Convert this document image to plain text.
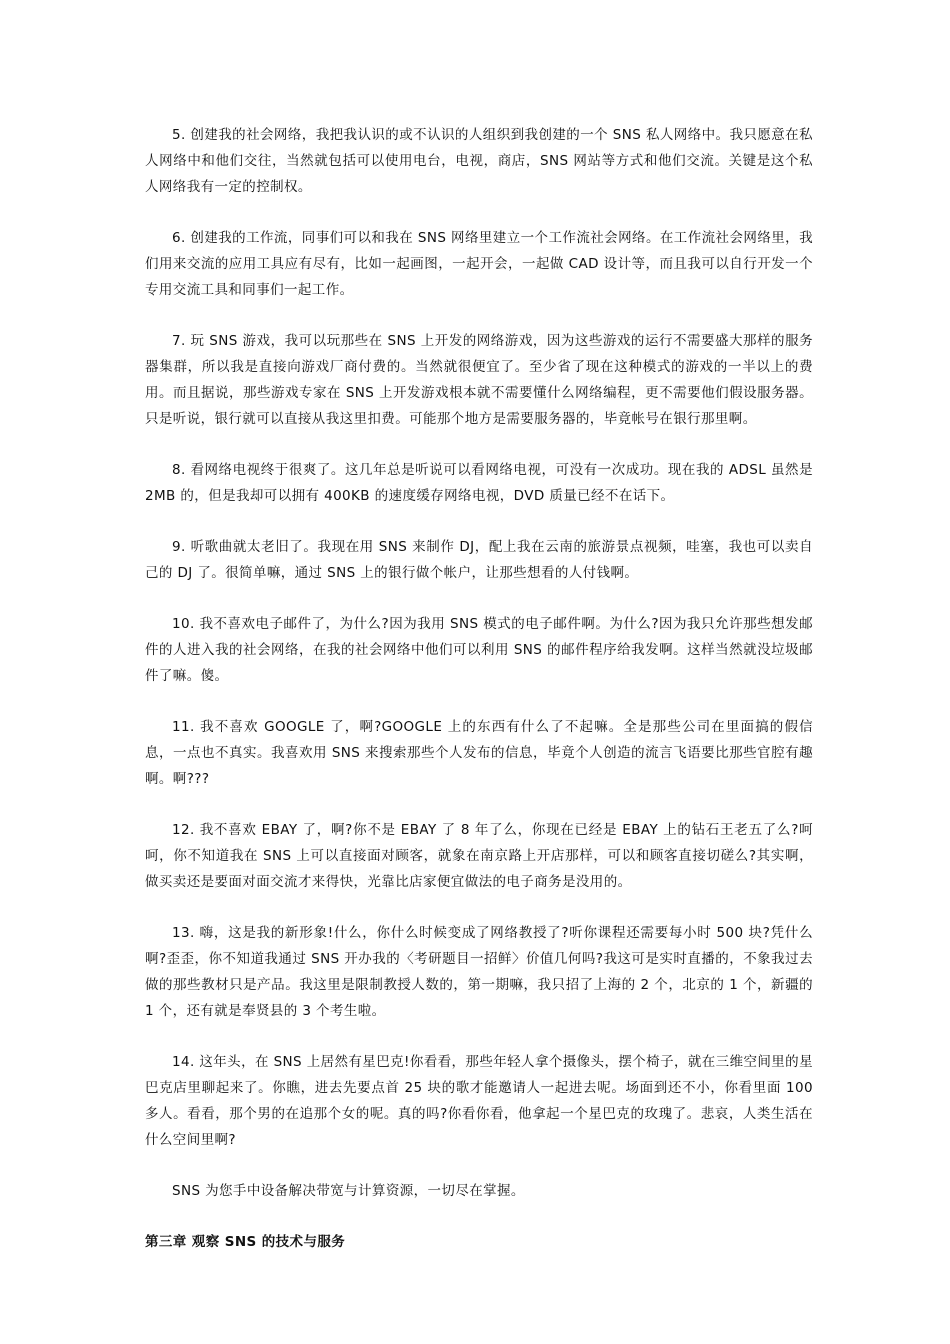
5. 创建我的社会网络，我把我认识的或不认识的人组织到我创建的一个 SNS 私人网络中。我只愿意在私人网络中和他们交往，当然就包括可以使用电台，电视，商店，SNS 网站等方式和他们交流。关键是这个私人网络我有一定的控制权。

6. 创建我的工作流，同事们可以和我在 SNS 网络里建立一个工作流社会网络。在工作流社会网络里，我们用来交流的应用工具应有尽有，比如一起画图，一起开会，一起做 CAD 设计等，而且我可以自行开发一个专用交流工具和同事们一起工作。

7. 玩 SNS 游戏，我可以玩那些在 SNS 上开发的网络游戏，因为这些游戏的运行不需要盛大那样的服务器集群，所以我是直接向游戏厂商付费的。当然就很便宜了。至少省了现在这种模式的游戏的一半以上的费用。而且据说，那些游戏专家在 SNS 上开发游戏根本就不需要懂什么网络编程，更不需要他们假设服务器。只是听说，银行就可以直接从我这里扣费。可能那个地方是需要服务器的，毕竟帐号在银行那里啊。

8. 看网络电视终于很爽了。这几年总是听说可以看网络电视，可没有一次成功。现在我的 ADSL 虽然是 2MB 的，但是我却可以拥有 400KB 的速度缓存网络电视，DVD 质量已经不在话下。

9. 听歌曲就太老旧了。我现在用 SNS 来制作 DJ，配上我在云南的旅游景点视频，哇塞，我也可以卖自己的 DJ 了。很简单嘛，通过 SNS 上的银行做个帐户，让那些想看的人付钱啊。

10. 我不喜欢电子邮件了，为什么?因为我用 SNS 模式的电子邮件啊。为什么?因为我只允许那些想发邮件的人进入我的社会网络，在我的社会网络中他们可以利用 SNS 的邮件程序给我发啊。这样当然就没垃圾邮件了嘛。傻。

11. 我不喜欢 GOOGLE 了，啊?GOOGLE 上的东西有什么了不起嘛。全是那些公司在里面搞的假信息，一点也不真实。我喜欢用 SNS 来搜索那些个人发布的信息，毕竟个人创造的流言飞语要比那些官腔有趣啊。啊???

12. 我不喜欢 EBAY 了，啊?你不是 EBAY 了 8 年了么，你现在已经是 EBAY 上的钻石王老五了么?呵呵，你不知道我在 SNS 上可以直接面对顾客，就象在南京路上开店那样，可以和顾客直接切磋么?其实啊，做买卖还是要面对面交流才来得快，光靠比店家便宜做法的电子商务是没用的。

13. 嗨，这是我的新形象!什么，你什么时候变成了网络教授了?听你课程还需要每小时 500 块?凭什么啊?歪歪，你不知道我通过 SNS 开办我的〈考研题目一招鲜〉价值几何吗?我这可是实时直播的，不象我过去做的那些教材只是产品。我这里是限制教授人数的，第一期嘛，我只招了上海的 2 个，北京的 1 个，新疆的 1 个，还有就是奉贤县的 3 个考生啦。

14. 这年头，在 SNS 上居然有星巴克!你看看，那些年轻人拿个摄像头，摆个椅子，就在三维空间里的星巴克店里聊起来了。你瞧，进去先要点首 25 块的歌才能邀请人一起进去呢。场面到还不小，你看里面 100 多人。看看，那个男的在追那个女的呢。真的吗?你看你看，他拿起一个星巴克的玫瑰了。悲哀，人类生活在什么空间里啊?

SNS 为您手中设备解决带宽与计算资源，一切尽在掌握。

第三章 观察 SNS 的技术与服务
